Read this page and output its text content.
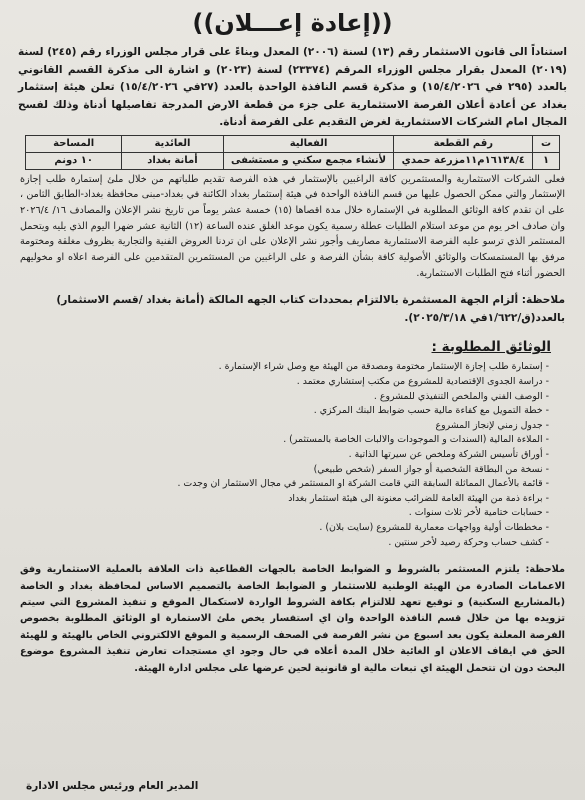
((إعادة إعـــلان))
استناداً الى قانون الاستثمار رقم (١٣) لسنة (٢٠٠٦) المعدل وبناءً على قرار مجلس الوزراء رقم (٢٤٥) لسنة (٢٠١٩) المعدل بقرار مجلس الوزراء المرقم (٢٣٣٧٤) لسنة (٢٠٢٣) و اشارة الى مذكرة القسم القانوني بالعدد (٢٩٥ في ١٥/٤/٢٠٢٦) و مذكرة قسم النافذة الواحدة بالعدد (٢٧في ١٥/٤/٢٠٢٦) تعلن هيئة إستثمار بغداد عن أعادة أعلان الفرصة الاستثمارية على جزء من قطعة الارض المدرجة تفاصيلها أدناة وذلك لفسح المجال امام الشركات الاستثمارية لغرض التقديم على الفرصة أدناة.
ت	رقم القطعة	الفعالية	العائدية	المساحة
١	١٦١٣٨/٤م١١مزرعة حمدي	لأنشاء مجمع سكني و مستشفى	أمانة بغداد	١٠ دونم
فعلى الشركات الاستثمارية والمستثمرين كافة الراغبين بالإستثمار في هذه الفرصة تقديم طلباتهم من خلال ملئ إستمارة طلب إجازة الإستثمار والتي ممكن الحصول عليها من قسم النافذة الواحدة في هيئة إستثمار بغداد الكائنة في بغداد-مبنى محافظة بغداد-الطابق الثامن ، على ان تقدم كافة الوثائق المطلوبة في الإستمارة خلال مدة اقصاها (١٥) خمسة عشر يوماً من تاريخ نشر الإعلان والمصادف ١٦/ ٢٠٢٦/٤ وان صادف اخر يوم من موعد استلام الطلبات عطلة رسمية يكون موعد الغلق عنده الساعة (١٢) الثانية عشر ضهرا اليوم الذي يليه ويتحمل المستثمر الذي ترسو عليه الفرصة الاستثمارية مصاريف وأجور نشر الإعلان على ان تردنا العروض الفنية والتجارية بظروف مغلقة ومختومة مرفق بها المستمسكات والوثائق الأصولية كافة بشأن الفرصة و على الراغبين من المستثمرين المتقدمين على الفرصة اعلاه او مخوليهم الحضور أثناء فتح الطلبات الاستثمارية.
ملاحظة: ألزام الجهة المستثمرة بالالتزام بمحددات كتاب الجهه المالكة (أمانة بغداد /قسم الاستثمار) بالعدد(ق/١/٦٢٢في ٢٠٢٥/٣/١٨).
الوثائق المطلوبة :
- إستمارة طلب إجازة الإستثمار مختومة ومصدقة من الهيئة مع وصل شراء الإستمارة .
- دراسة الجدوى الإقتصادية للمشروع من مكتب إستشاري معتمد .
- الوصف الفني والملخص التنفيذي للمشروع .
- خطة التمويل مع كفاءة مالية حسب ضوابط البنك المركزي .
- جدول زمني لإنجاز المشروع
- الملاءة المالية (السندات و الموجودات والالبات الخاصة بالمستثمر) .
- أوراق تأسيس الشركة وملخص عن سيرتها الذاتية .
- نسخة من البطاقة الشخصية أو جواز السفر (شخص طبيعي)
- قائمة بالأعمال المماثلة السابقة التي قامت الشركة او المستثمر في مجال الاستثمار ان وجدت .
- براءة ذمة من الهيئة العامة للضرائب معنونة الى هيئة استثمار بغداد
- حسابات ختامية لأخر ثلاث سنوات .
- مخططات أولية وواجهات معمارية للمشروع (سايت بلان) .
- كشف حساب وحركة رصيد لأخر سنتين .
ملاحظة: يلتزم المستثمر بالشروط و الضوابط الخاصة بالجهات القطاعية ذات العلاقة بالعملية الاستثمارية وفق الاعمامات الصادرة من الهيئة الوطنية للاستثمار و الضوابط الخاصة بالتصميم الاساس لمحافظة بغداد و الخاصة (بالمشاريع السكنية) و توقيع تعهد للالتزام بكافة الشروط الواردة لاستكمال الموقع و تنفيذ المشروع التي سيتم تزويده بها من خلال قسم النافذة الواحدة وان اي استفسار يخص ملئ الاستمارة او الوثائق المطلوبة بخصوص الفرصة المعلنة يكون بعد اسبوع من نشر الفرصة في الصحف الرسمية و الموقع الالكتروني الخاص بالهيئة و للهيئة الحق في ايقاف الاعلان او الغائية خلال المدة أعلاه في حال وجود اي مستجدات تعارض تنفيذ المشروع موضوع البحث دون ان تتحمل الهيئة اي تبعات مالية او قانونية لحين عرضها على مجلس ادارة الهيئة.
المدير العام ورئيس مجلس الادارة
